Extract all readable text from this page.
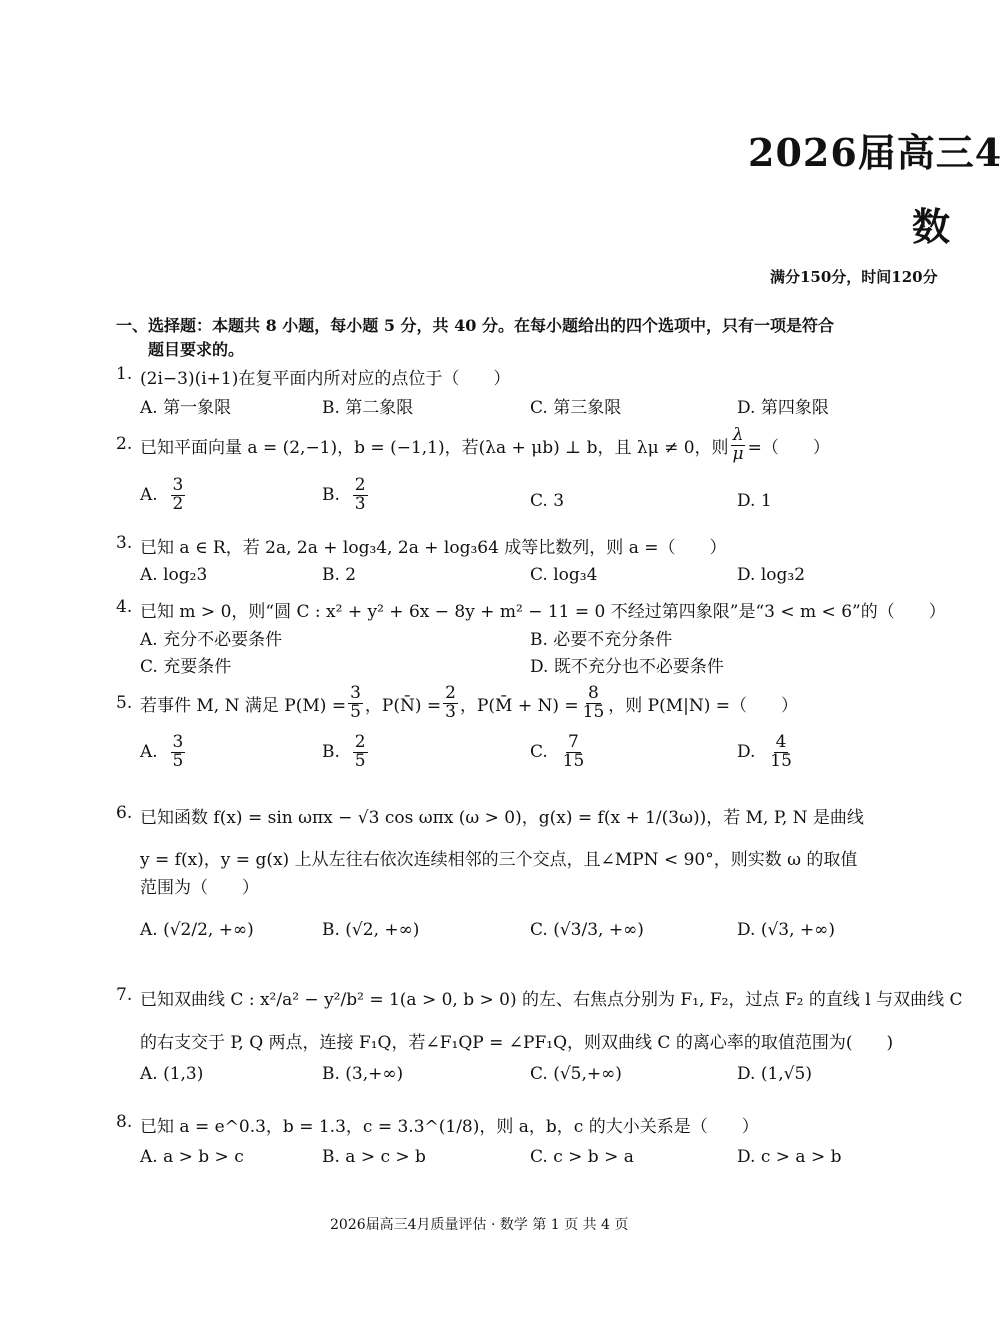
2026届高三4
数
满分150分，时间120分
一、选择题：本题共 8 小题，每小题 5 分，共 40 分。在每小题给出的四个选项中，只有一项是符合
题目要求的。
1. (2i−3)(i+1)在复平面内所对应的点位于（　　）
A. 第一象限	B. 第二象限	C. 第三象限	D. 第四象限
2. 已知平面向量 a = (2,−1)，b = (−1,1)，若(λa + μb) ⊥ b，且 λμ ≠ 0，则 $\frac{\lambda}{\mu}$ =（　　）
A.
$\frac{3}{2}$	B.
$\frac{2}{3}$	C. 3	D. 1
3. 已知 a ∈ R，若 2a, 2a + log₃4, 2a + log₃64 成等比数列，则 a =（　　）
A. log₂3	B. 2	C. log₃4	D. log₃2
4. 已知 m > 0，则“圆 C : x² + y² + 6x − 8y + m² − 11 = 0 不经过第四象限”是“3 < m < 6”的（　　）
A. 充分不必要条件	B. 必要不充分条件
C. 充要条件	D. 既不充分也不必要条件
5. 若事件 M, N 满足 $P(M) = \frac{3}{5}$ ，P(N̄) = $\frac{2}{3}$ ，P(M̄ + $N) = \frac{8}{15}$ ，则 P(M|N) =（　　）
A.
$\frac{3}{5}$	B.
$\frac{2}{5}$	C.
$\frac{7}{15}$	D.
$\frac{4}{15}$
6. 已知函数 f(x) = sin ωπx − √3 cos ωπx (ω > 0)，g(x) = f(x + 1/(3ω))，若 M, P, N 是曲线
y = f(x)，y = g(x) 上从左往右依次连续相邻的三个交点，且∠MPN < 90°，则实数 ω 的取值
范围为（　　）
A. (√2/2, +∞)	B. (√2, +∞)	C. (√3/3, +∞)	D. (√3, +∞)
7. 已知双曲线 C : x²/a² − y²/b² = 1(a > 0, b > 0) 的左、右焦点分别为 F₁, F₂，过点 F₂ 的直线 l 与双曲线 C
的右支交于 P, Q 两点，连接 F₁Q，若∠F₁QP = ∠PF₁Q，则双曲线 C 的离心率的取值范围为(　　)
A. (1,3)	B. (3,+∞)	C. (√5,+∞)	D. (1,√5)
8. 已知 a = e^0.3，b = 1.3，c = 3.3^(1/8)，则 a，b，c 的大小关系是（　　）
A. a > b > c	B. a > c > b	C. c > b > a	D. c > a > b
2026届高三4月质量评估 · 数学 第 1 页 共 4 页
